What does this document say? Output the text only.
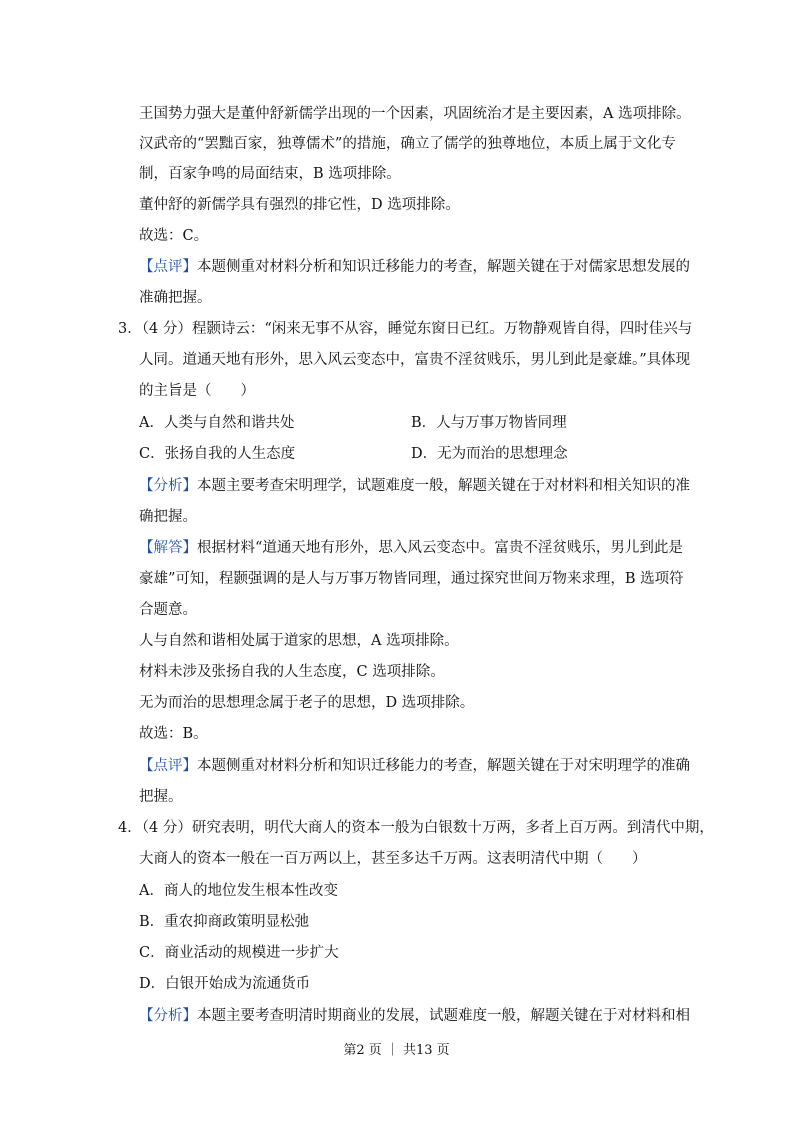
王国势力强大是董仲舒新儒学出现的一个因素，巩固统治才是主要因素，A 选项排除。
汉武帝的“罢黜百家，独尊儒术”的措施，确立了儒学的独尊地位，本质上属于文化专
制，百家争鸣的局面结束，B 选项排除。
董仲舒的新儒学具有强烈的排它性，D 选项排除。
故选：C。
【点评】本题侧重对材料分析和知识迁移能力的考查，解题关键在于对儒家思想发展的
准确把握。
3．（4 分）程颢诗云：“闲来无事不从容，睡觉东窗日已红。万物静观皆自得，四时佳兴与
人同。道通天地有形外，思入风云变态中，富贵不淫贫贱乐，男儿到此是豪雄。”具体现
的主旨是（　　）
A．人类与自然和谐共处	B．人与万事万物皆同理
C．张扬自我的人生态度	D．无为而治的思想理念
【分析】本题主要考查宋明理学，试题难度一般，解题关键在于对材料和相关知识的准
确把握。
【解答】根据材料“道通天地有形外，思入风云变态中。富贵不淫贫贱乐，男儿到此是
豪雄”可知，程颢强调的是人与万事万物皆同理，通过探究世间万物来求理，B 选项符
合题意。
人与自然和谐相处属于道家的思想，A 选项排除。
材料未涉及张扬自我的人生态度，C 选项排除。
无为而治的思想理念属于老子的思想，D 选项排除。
故选：B。
【点评】本题侧重对材料分析和知识迁移能力的考查，解题关键在于对宋明理学的准确
把握。
4．（4 分）研究表明，明代大商人的资本一般为白银数十万两，多者上百万两。到清代中期，
大商人的资本一般在一百万两以上，甚至多达千万两。这表明清代中期（　　）
A．商人的地位发生根本性改变
B．重农抑商政策明显松弛
C．商业活动的规模进一步扩大
D．白银开始成为流通货币
【分析】本题主要考查明清时期商业的发展，试题难度一般，解题关键在于对材料和相
第2 页 ｜ 共13 页
